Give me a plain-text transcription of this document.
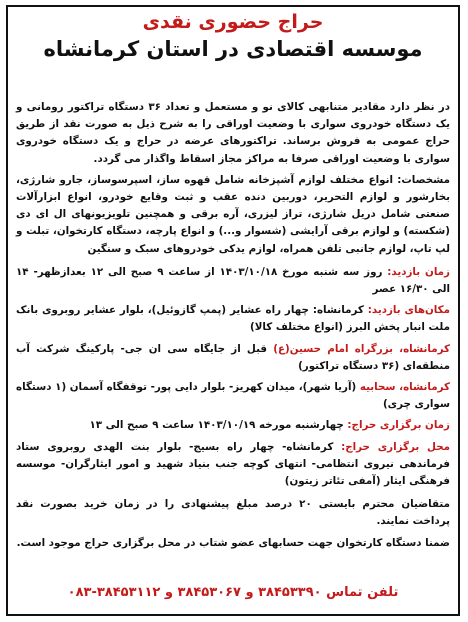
حراج حضوری نقدی
موسسه اقتصادی در استان کرمانشاه

در نظر دارد مقادیر متنابهی کالای نو و مستعمل و تعداد ۳۶ دستگاه تراکتور رومانی و یک دستگاه خودروی سواری با وضعیت اوراقی را به شرح ذیل به صورت نقد از طریق حراج عمومی به فروش برساند. تراکتورهای عرضه در حراج و یک دستگاه خودروی سواری با وضعیت اوراقی صرفا به مراکز مجاز اسقاط واگذار می گردد.

مشخصات: انواع مختلف لوازم آشپزخانه شامل قهوه ساز، اسپرسوساز، جارو شارژی، بخارشور و لوازم التحریر، دوربین دنده عقب و ثبت وقایع خودرو، انواع ابزارآلات صنعتی شامل دریل شارژی، تراز لیزری، آره برقی و همچنین تلویزیونهای ال ای دی (شکسته) و لوازم برقی آرایشی (شسوار و...) و انواع پارچه، دستگاه کارتخوان، تبلت و لپ تاپ، لوازم جانبی تلفن همراه، لوازم یدکی خودروهای سبک و سنگین

زمان بازدید: روز سه شنبه مورخ ۱۴۰۳/۱۰/۱۸ از ساعت ۹ صبح الی ۱۲ بعدازظهر- ۱۴ الی ۱۶/۳۰ عصر

مکان‌های بازدید: کرمانشاه: چهار راه عشایر (پمپ گازوئیل)، بلوار عشایر روبروی بانک ملت انبار پخش البرز (انواع مختلف کالا)

کرمانشاه، بزرگراه امام حسین(ع) قبل از جایگاه سی ان جی- پارکینگ شرکت آب منطقه‌ای (۳۶ دستگاه تراکتور)

کرمانشاه، سحابیه (آریا شهر)، میدان کهریز- بلوار دایی پور- توقفگاه آسمان (۱ دستگاه سواری چری)

زمان برگزاری حراج: چهارشنبه مورخه ۱۴۰۳/۱۰/۱۹ ساعت ۹ صبح الی ۱۳

محل برگزاری حراج: کرمانشاه- چهار راه بسیج- بلوار بنت الهدی روبروی ستاد فرماندهی نیروی انتظامی- انتهای کوچه جنب بنیاد شهید و امور ایثارگران- موسسه فرهنگی ایثار (آمفی تئاتر زیتون)

متقاضیان محترم بایستی ۲۰ درصد مبلغ پیشنهادی را در زمان خرید بصورت نقد پرداخت نمایند.

ضمنا دستگاه کارتخوان جهت حسابهای عضو شتاب در محل برگزاری حراج موجود است.

تلفن تماس ۳۸۴۵۳۳۹۰ و ۳۸۴۵۳۰۶۷ و ۳۸۴۵۳۱۱۲-۰۸۳
